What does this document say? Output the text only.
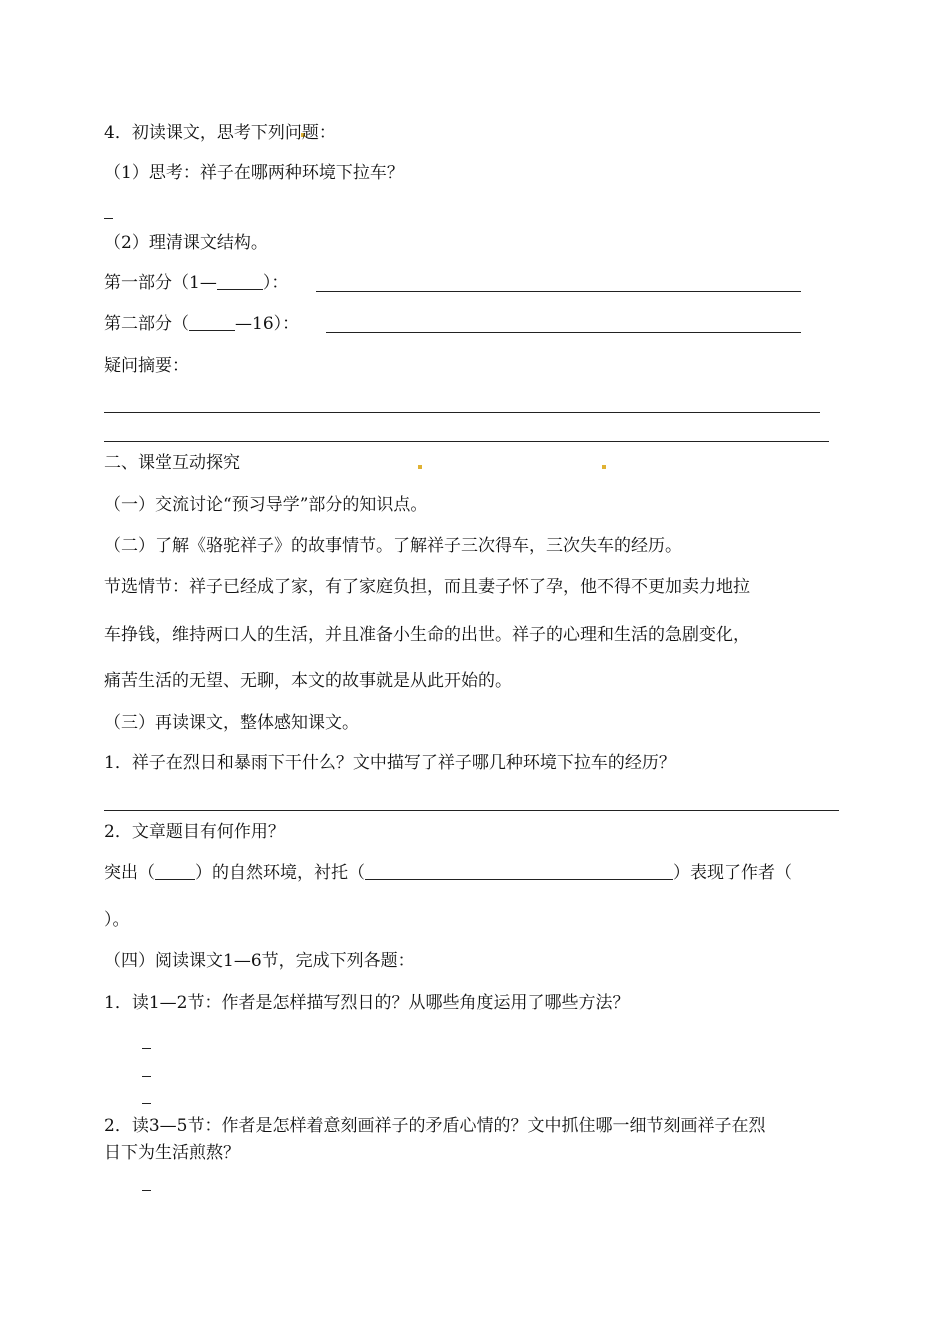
4．初读课文，思考下列问题：
（1）思考：祥子在哪两种环境下拉车？
（2）理清课文结构。
第一部分（1—	）：
第二部分（	—16）：
疑问摘要：
二、课堂互动探究
（一）交流讨论“预习导学”部分的知识点。
（二）了解《骆驼祥子》的故事情节。了解祥子三次得车，三次失车的经历。
节选情节：祥子已经成了家，有了家庭负担，而且妻子怀了孕，他不得不更加卖力地拉
车挣钱，维持两口人的生活，并且准备小生命的出世。祥子的心理和生活的急剧变化，
痛苦生活的无望、无聊，本文的故事就是从此开始的。
（三）再读课文，整体感知课文。
1．祥子在烈日和暴雨下干什么？文中描写了祥子哪几种环境下拉车的经历？
2．文章题目有何作用？
突出（ ）的自然环境，衬托（	）表现了作者（
）。
（四）阅读课文1—6节，完成下列各题：
1．读1—2节：作者是怎样描写烈日的？从哪些角度运用了哪些方法？
2．读3—5节：作者是怎样着意刻画祥子的矛盾心情的？文中抓住哪一细节刻画祥子在烈
日下为生活煎熬？
